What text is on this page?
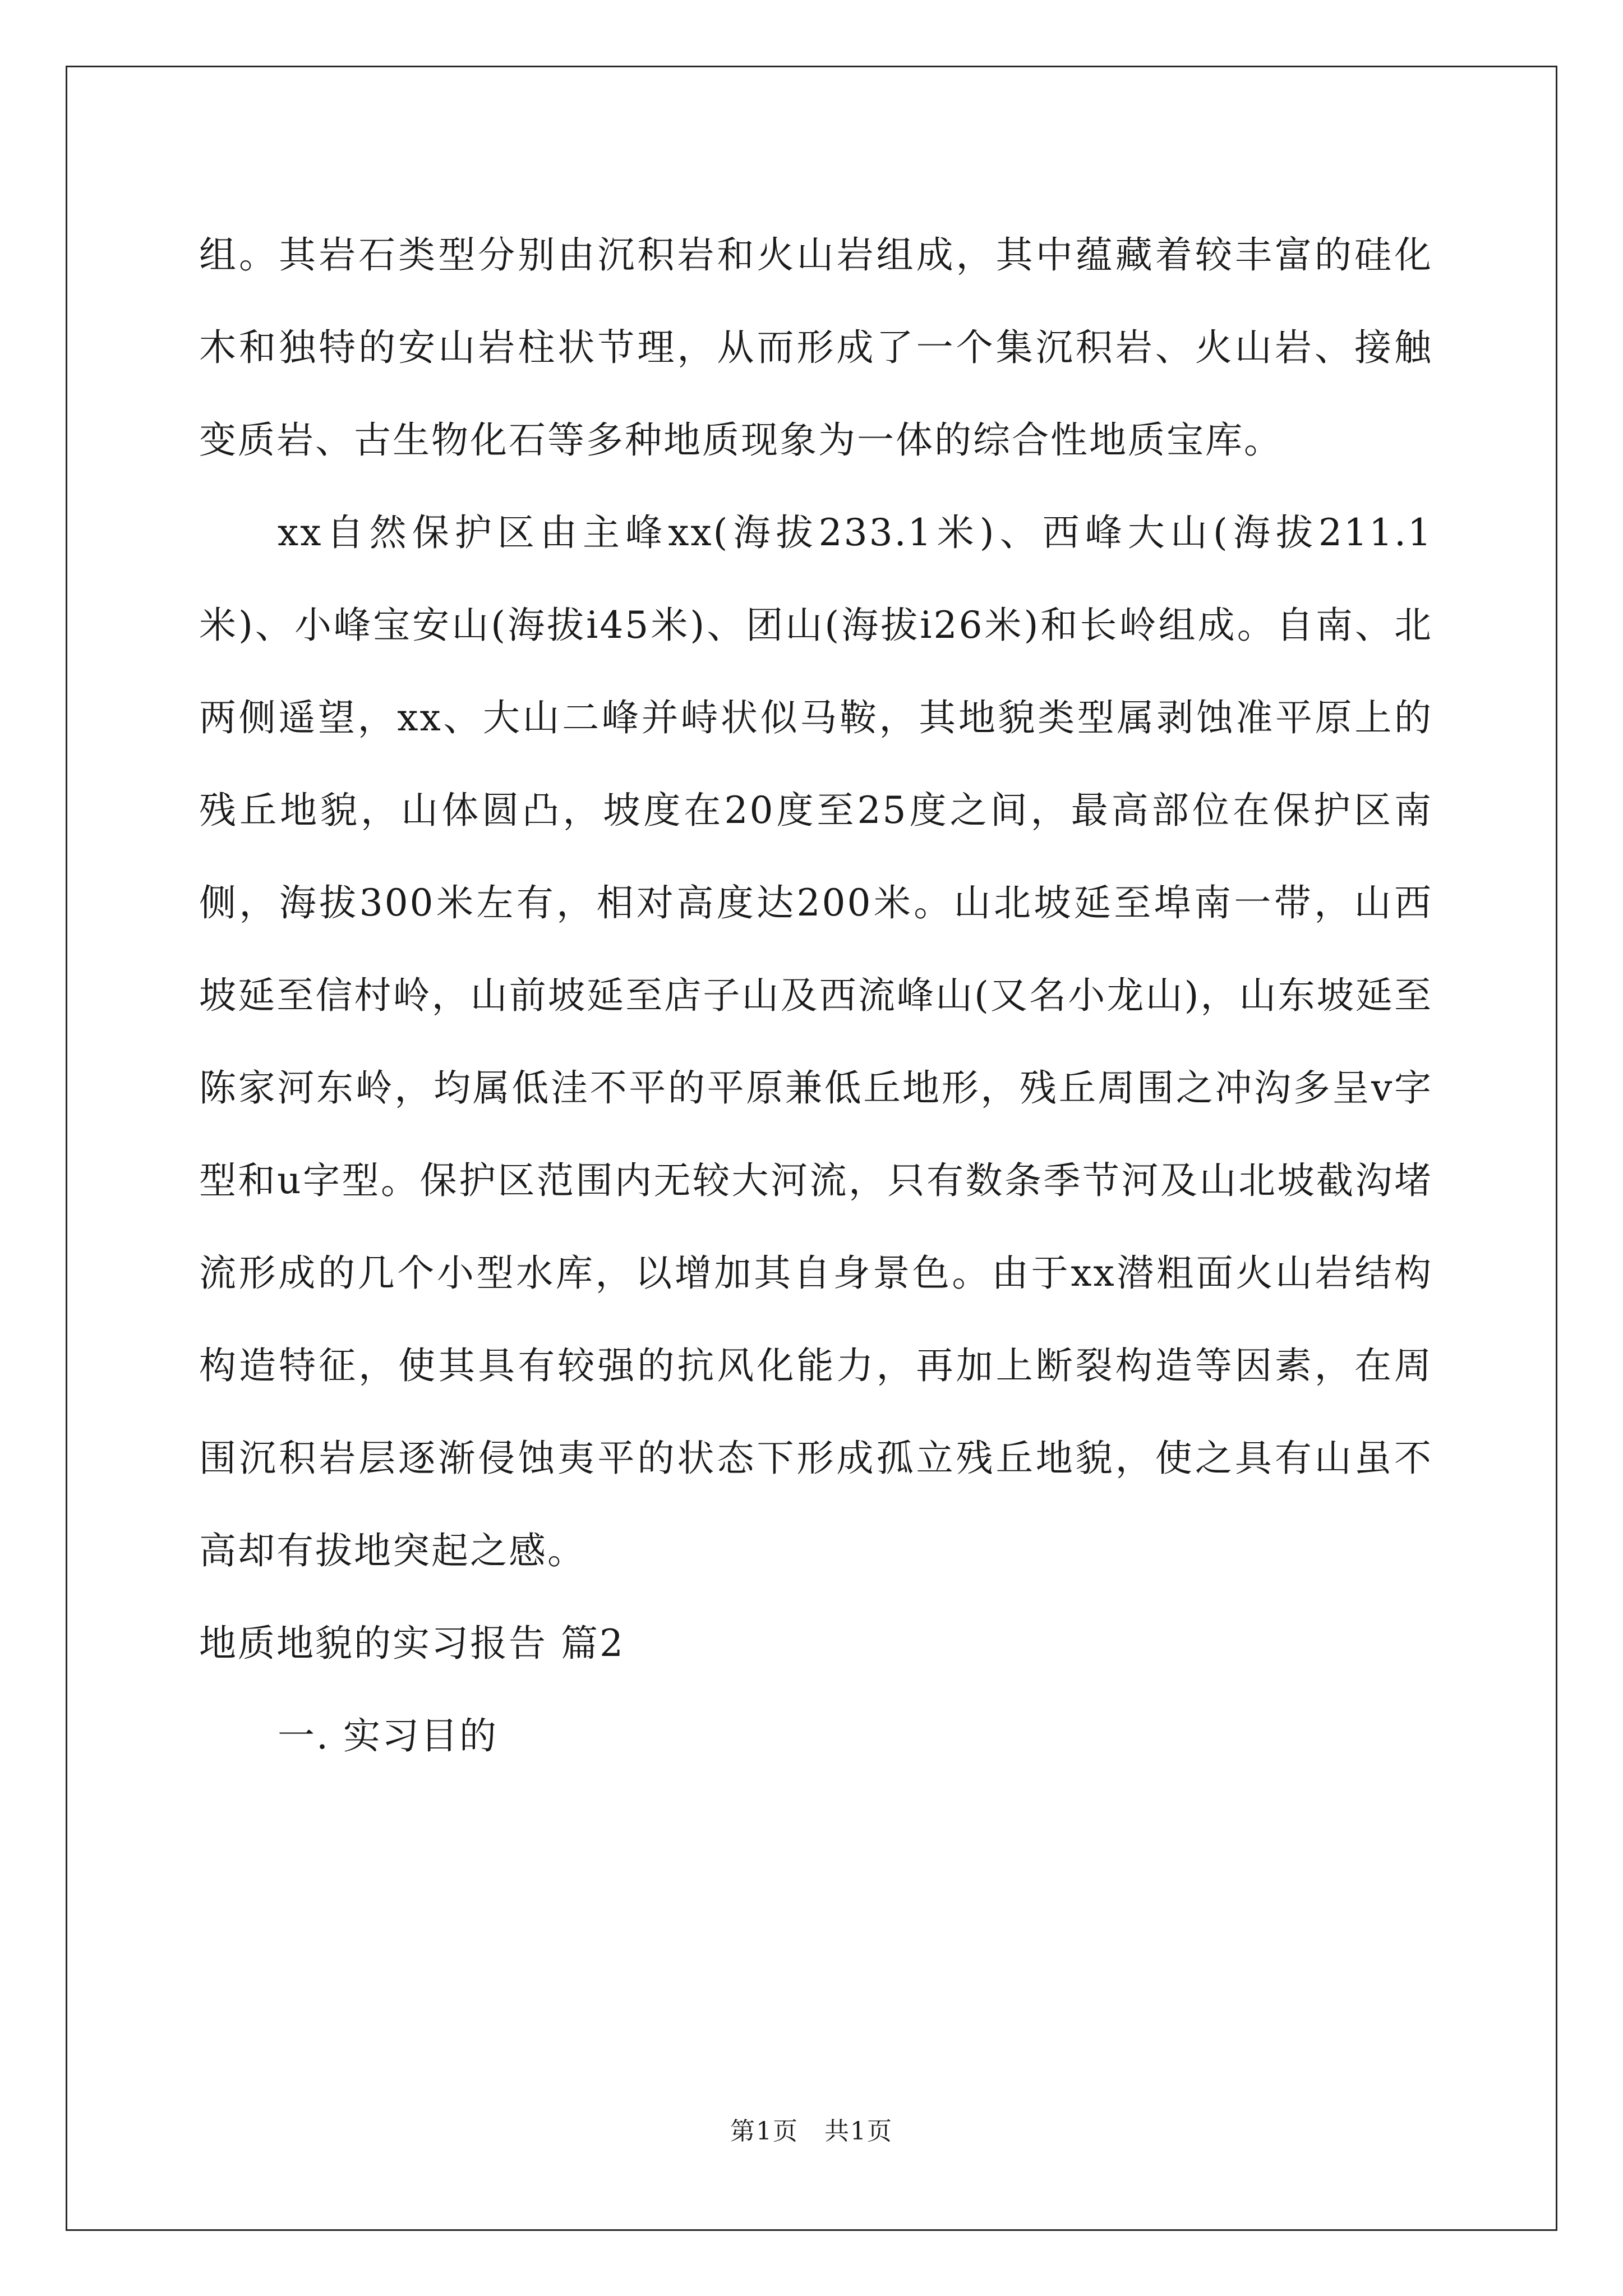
组。其岩石类型分别由沉积岩和火山岩组成，其中蕴藏着较丰富的硅化木和独特的安山岩柱状节理，从而形成了一个集沉积岩、火山岩、接触变质岩、古生物化石等多种地质现象为一体的综合性地质宝库。

xx自然保护区由主峰xx(海拔233.1米)、西峰大山(海拔211.1米)、小峰宝安山(海拔i45米)、团山(海拔i26米)和长岭组成。自南、北两侧遥望，xx、大山二峰并峙状似马鞍，其地貌类型属剥蚀准平原上的残丘地貌，山体圆凸，坡度在20度至25度之间，最高部位在保护区南侧，海拔300米左有，相对高度达200米。山北坡延至埠南一带，山西坡延至信村岭，山前坡延至店子山及西流峰山(又名小龙山)，山东坡延至陈家河东岭，均属低洼不平的平原兼低丘地形，残丘周围之冲沟多呈v字型和u字型。保护区范围内无较大河流，只有数条季节河及山北坡截沟堵流形成的几个小型水库，以增加其自身景色。由于xx潜粗面火山岩结构构造特征，使其具有较强的抗风化能力，再加上断裂构造等因素，在周围沉积岩层逐渐侵蚀夷平的状态下形成孤立残丘地貌，使之具有山虽不高却有拔地突起之感。

地质地貌的实习报告 篇2

一. 实习目的

第1页　共1页
